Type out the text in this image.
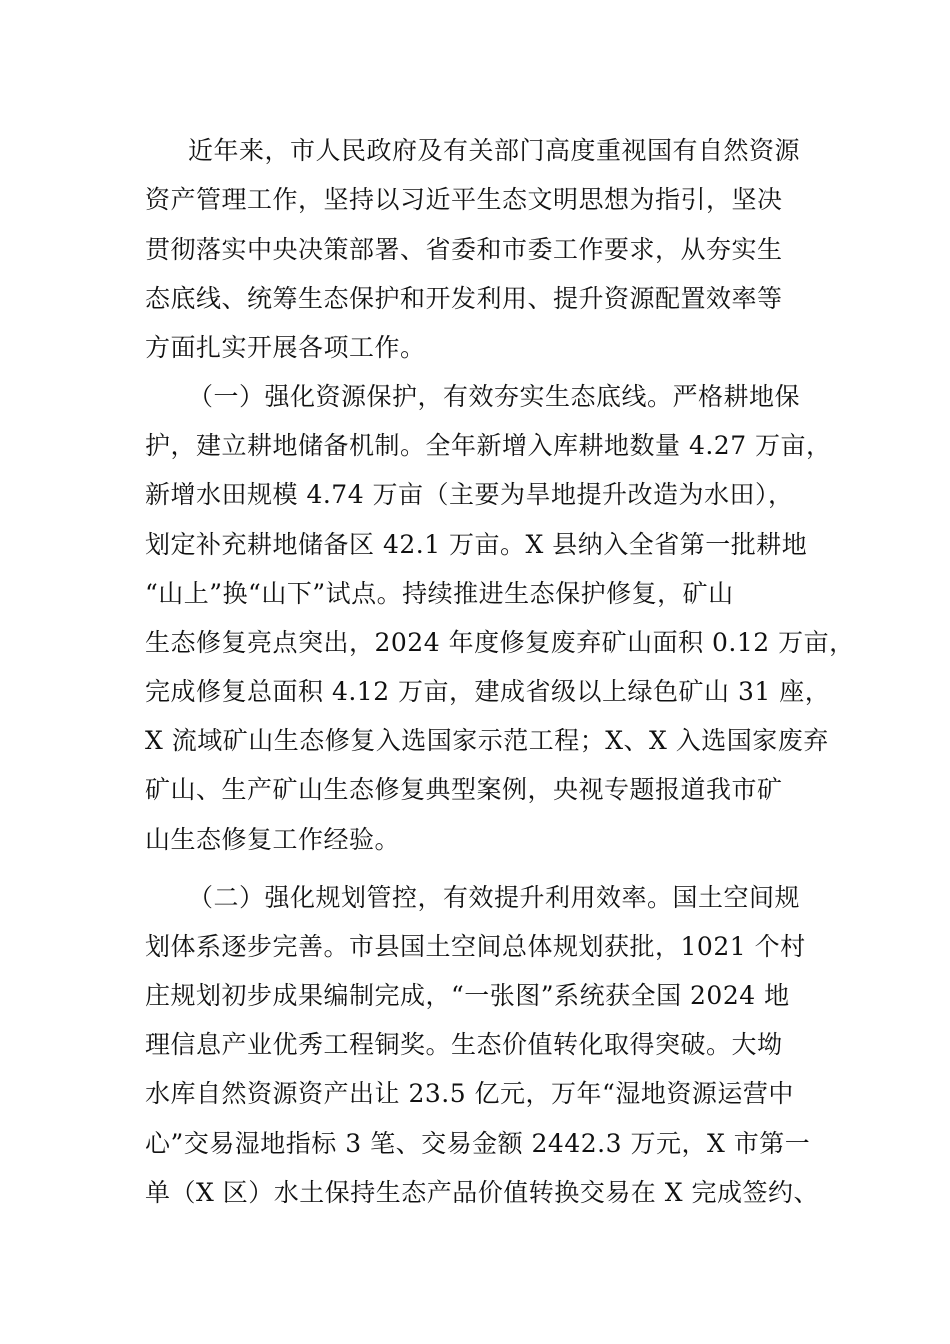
近年来，市人民政府及有关部门高度重视国有自然资源
资产管理工作，坚持以习近平生态文明思想为指引，坚决
贯彻落实中央决策部署、省委和市委工作要求，从夯实生
态底线、统筹生态保护和开发利用、提升资源配置效率等
方面扎实开展各项工作。
（一）强化资源保护，有效夯实生态底线。严格耕地保
护，建立耕地储备机制。全年新增入库耕地数量 4.27 万亩，
新增水田规模 4.74 万亩（主要为旱地提升改造为水田），
划定补充耕地储备区 42.1 万亩。X 县纳入全省第一批耕地
“山上”换“山下”试点。持续推进生态保护修复，矿山
生态修复亮点突出，2024 年度修复废弃矿山面积 0.12 万亩，
完成修复总面积 4.12 万亩，建成省级以上绿色矿山 31 座，
X 流域矿山生态修复入选国家示范工程；X、X 入选国家废弃
矿山、生产矿山生态修复典型案例，央视专题报道我市矿
山生态修复工作经验。
（二）强化规划管控，有效提升利用效率。国土空间规
划体系逐步完善。市县国土空间总体规划获批，1021 个村
庄规划初步成果编制完成，“一张图”系统获全国 2024 地
理信息产业优秀工程铜奖。生态价值转化取得突破。大坳
水库自然资源资产出让 23.5 亿元，万年“湿地资源运营中
心”交易湿地指标 3 笔、交易金额 2442.3 万元，X 市第一
单（X 区）水土保持生态产品价值转换交易在 X 完成签约、
